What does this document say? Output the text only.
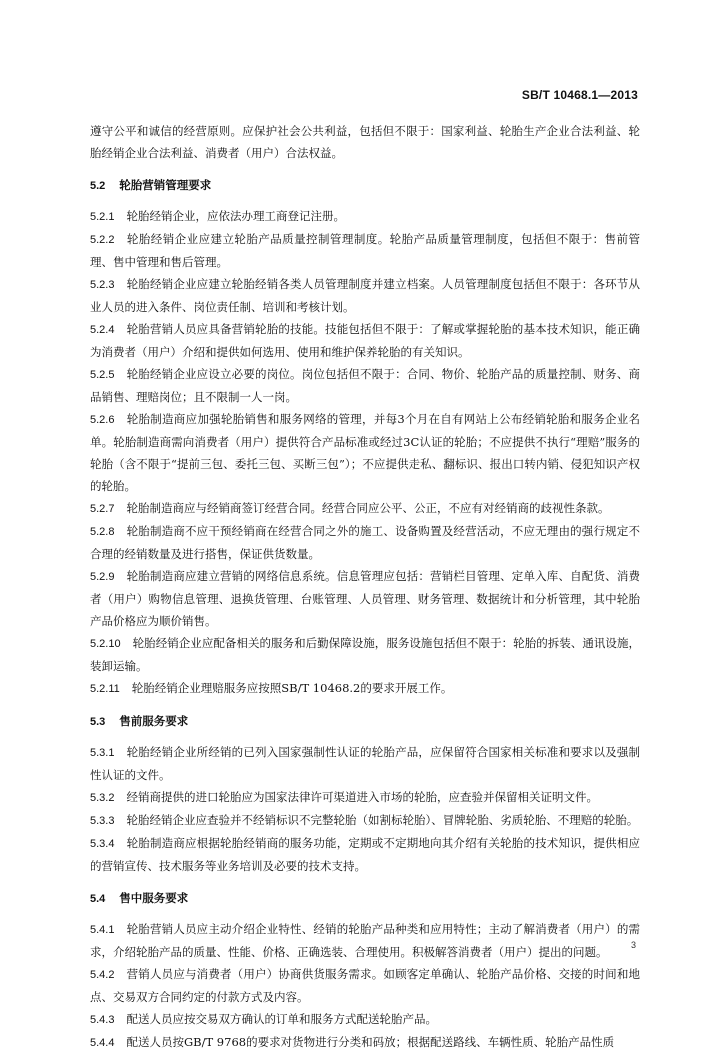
SB/T 10468.1—2013

遵守公平和诚信的经营原则。应保护社会公共利益，包括但不限于：国家利益、轮胎生产企业合法利益、轮胎经销企业合法利益、消费者（用户）合法权益。

5.2 轮胎营销管理要求

5.2.1 轮胎经销企业，应依法办理工商登记注册。

5.2.2 轮胎经销企业应建立轮胎产品质量控制管理制度。轮胎产品质量管理制度，包括但不限于：售前管理、售中管理和售后管理。

5.2.3 轮胎经销企业应建立轮胎经销各类人员管理制度并建立档案。人员管理制度包括但不限于：各环节从业人员的进入条件、岗位责任制、培训和考核计划。

5.2.4 轮胎营销人员应具备营销轮胎的技能。技能包括但不限于：了解或掌握轮胎的基本技术知识，能正确为消费者（用户）介绍和提供如何选用、使用和维护保养轮胎的有关知识。

5.2.5 轮胎经销企业应设立必要的岗位。岗位包括但不限于：合同、物价、轮胎产品的质量控制、财务、商品销售、理赔岗位；且不限制一人一岗。

5.2.6 轮胎制造商应加强轮胎销售和服务网络的管理，并每3个月在自有网站上公布经销轮胎和服务企业名单。轮胎制造商需向消费者（用户）提供符合产品标准或经过3C认证的轮胎；不应提供不执行“理赔”服务的轮胎（含不限于“提前三包、委托三包、买断三包”）；不应提供走私、翻标识、报出口转内销、侵犯知识产权的轮胎。

5.2.7 轮胎制造商应与经销商签订经营合同。经营合同应公平、公正，不应有对经销商的歧视性条款。

5.2.8 轮胎制造商不应干预经销商在经营合同之外的施工、设备购置及经营活动，不应无理由的强行规定不合理的经销数量及进行搭售，保证供货数量。

5.2.9 轮胎制造商应建立营销的网络信息系统。信息管理应包括：营销栏目管理、定单入库、自配货、消费者（用户）购物信息管理、退换货管理、台账管理、人员管理、财务管理、数据统计和分析管理，其中轮胎产品价格应为顺价销售。

5.2.10 轮胎经销企业应配备相关的服务和后勤保障设施，服务设施包括但不限于：轮胎的拆装、通讯设施，装卸运输。

5.2.11 轮胎经销企业理赔服务应按照SB/T 10468.2的要求开展工作。

5.3 售前服务要求

5.3.1 轮胎经销企业所经销的已列入国家强制性认证的轮胎产品，应保留符合国家相关标准和要求以及强制性认证的文件。

5.3.2 经销商提供的进口轮胎应为国家法律许可渠道进入市场的轮胎，应查验并保留相关证明文件。

5.3.3 轮胎经销企业应查验并不经销标识不完整轮胎（如割标轮胎）、冒牌轮胎、劣质轮胎、不理赔的轮胎。

5.3.4 轮胎制造商应根据轮胎经销商的服务功能，定期或不定期地向其介绍有关轮胎的技术知识，提供相应的营销宣传、技术服务等业务培训及必要的技术支持。

5.4 售中服务要求

5.4.1 轮胎营销人员应主动介绍企业特性、经销的轮胎产品种类和应用特性；主动了解消费者（用户）的需求，介绍轮胎产品的质量、性能、价格、正确选装、合理使用。积极解答消费者（用户）提出的问题。

5.4.2 营销人员应与消费者（用户）协商供货服务需求。如顾客定单确认、轮胎产品价格、交接的时间和地点、交易双方合同约定的付款方式及内容。

5.4.3 配送人员应按交易双方确认的订单和服务方式配送轮胎产品。

5.4.4 配送人员按GB/T 9768的要求对货物进行分类和码放；根据配送路线、车辆性质、轮胎产品性质

3
